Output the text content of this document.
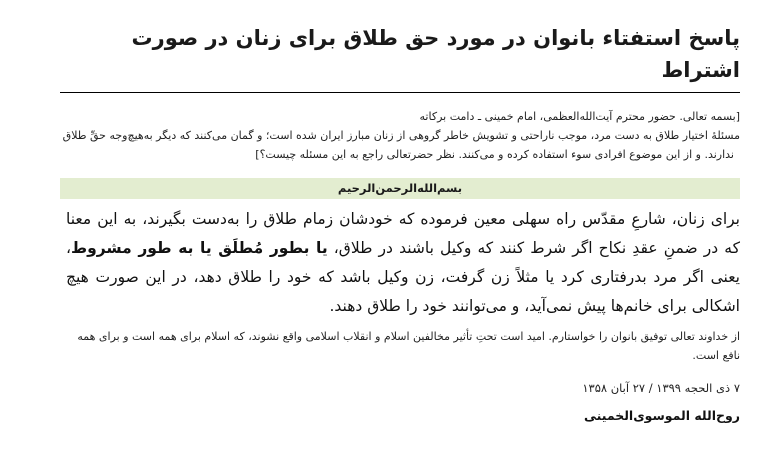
پاسخ استفتاء بانوان در مورد حق طلاق برای زنان در صورت اشتراط
[بسمه تعالی. حضور محترم آیت‌الله‌العظمی، امام خمینی ـ دامت برکاته
مسئلهٔ اختیار طلاق به دست مرد، موجب ناراحتی و تشویش خاطر گروهی از زنان مبارز ایران شده است؛ و گمان می‌کنند که دیگر به‌هیچ‌وجه حقِّ طلاق
ندارند. و از این موضوع افرادی سوء استفاده کرده و می‌کنند. نظر حضرتعالی راجع به این مسئله چیست؟]
بسم‌الله‌الرحمن‌الرحیم
برای زنان، شارعِ مقدّس راه سهلی معین فرموده که خودشان زمام طلاق را به‌دست بگیرند، به این معنا که در ضمنِ عقدِ نکاح اگر شرط کنند که وکیل باشند در طلاق، یا بطور مُطلَق یا به طور مشروط، یعنی اگر مرد بدرفتاری کرد یا مثلاً زن گرفت، زن وکیل باشد که خود را طلاق دهد، در این صورت هیچ اشکالی برای خانم‌ها پیش نمی‌آید، و می‌توانند خود را طلاق دهند.
از خداوند تعالی توفیق بانوان را خواستارم. امید است تحتِ تأثیر مخالفین اسلام و انقلاب اسلامی واقع نشوند، که اسلام برای همه است و برای همه نافع است.
۷ ذی الحجه ۱۳۹۹ / ۲۷ آبان ۱۳۵۸
روح‌الله الموسوی‌الخمینی
